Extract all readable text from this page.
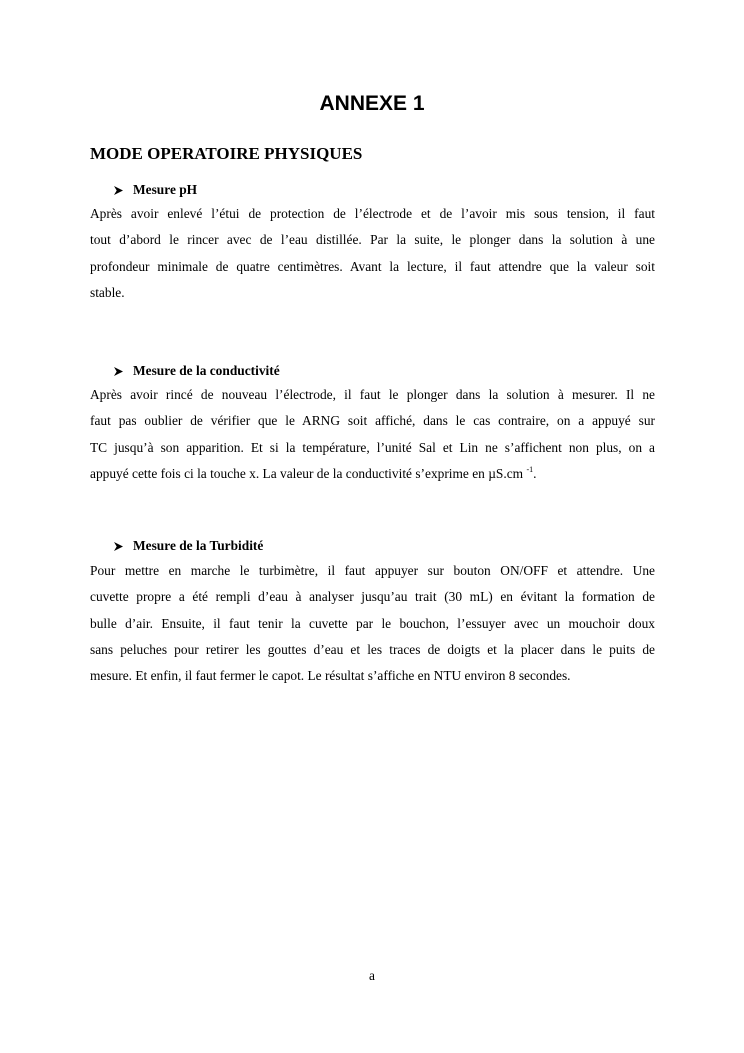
ANNEXE 1
MODE OPERATOIRE PHYSIQUES
Mesure pH
Après avoir enlevé l’étui de protection de l’électrode et de l’avoir mis sous tension, il faut
tout d’abord le rincer avec de l’eau distillée. Par la suite, le plonger dans la solution à une
profondeur minimale de quatre centimètres. Avant la lecture, il faut attendre que la valeur soit
stable.
Mesure de la conductivité
Après avoir rincé de nouveau l’électrode, il faut le plonger dans la solution à mesurer. Il ne
faut pas oublier de vérifier que le ARNG soit affiché, dans le cas contraire, on a appuyé sur
TC jusqu’à son apparition. Et si la température, l’unité Sal et Lin ne s’affichent non plus, on a
appuyé cette fois ci la touche x. La valeur de la conductivité s’exprime en µS.cm $^{-1}$.
Mesure de la Turbidité
Pour mettre en marche le turbimètre, il faut appuyer sur bouton ON/OFF et attendre. Une
cuvette propre a été rempli d’eau à analyser jusqu’au trait (30 mL) en évitant la formation de
bulle d’air. Ensuite, il faut tenir la cuvette par le bouchon, l’essuyer avec un mouchoir doux
sans peluches pour retirer les gouttes d’eau et les traces de doigts et la placer dans le puits de
mesure. Et enfin, il faut fermer le capot. Le résultat s’affiche en NTU environ 8 secondes.
a
